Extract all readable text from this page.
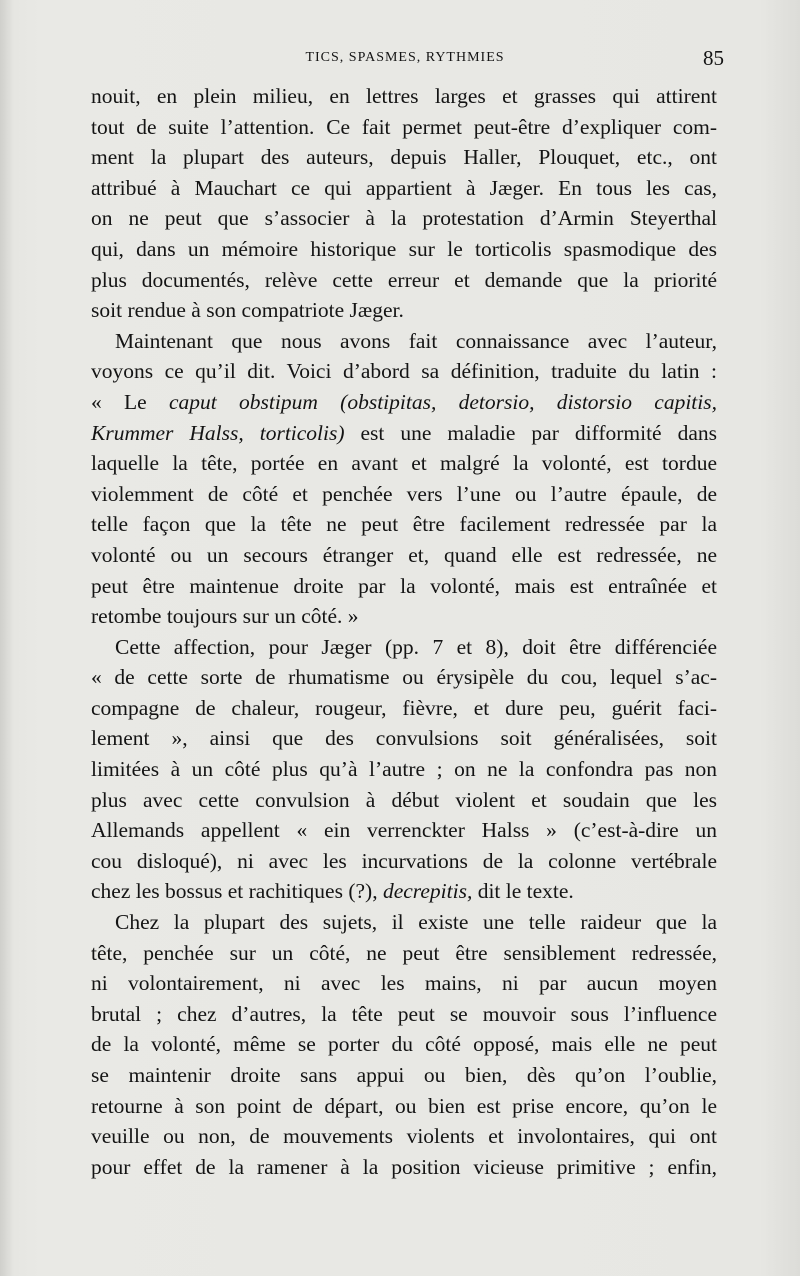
TICS, SPASMES, RYTHMIES	85
nouit, en plein milieu, en lettres larges et grasses qui attirent
tout de suite l’attention. Ce fait permet peut-être d’expliquer com-
ment la plupart des auteurs, depuis Haller, Plouquet, etc., ont
attribué à Mauchart ce qui appartient à Jæger. En tous les cas,
on ne peut que s’associer à la protestation d’Armin Steyerthal
qui, dans un mémoire historique sur le torticolis spasmodique des
plus documentés, relève cette erreur et demande que la priorité
soit rendue à son compatriote Jæger.
Maintenant que nous avons fait connaissance avec l’auteur,
voyons ce qu’il dit. Voici d’abord sa définition, traduite du latin :
« Le caput obstipum (obstipitas, detorsio, distorsio capitis,
Krummer Halss, torticolis) est une maladie par difformité dans
laquelle la tête, portée en avant et malgré la volonté, est tordue
violemment de côté et penchée vers l’une ou l’autre épaule, de
telle façon que la tête ne peut être facilement redressée par la
volonté ou un secours étranger et, quand elle est redressée, ne
peut être maintenue droite par la volonté, mais est entraînée et
retombe toujours sur un côté. »
Cette affection, pour Jæger (pp. 7 et 8), doit être différenciée
« de cette sorte de rhumatisme ou érysipèle du cou, lequel s’ac-
compagne de chaleur, rougeur, fièvre, et dure peu, guérit faci-
lement », ainsi que des convulsions soit généralisées, soit
limitées à un côté plus qu’à l’autre ; on ne la confondra pas non
plus avec cette convulsion à début violent et soudain que les
Allemands appellent « ein verrenckter Halss » (c’est-à-dire un
cou disloqué), ni avec les incurvations de la colonne vertébrale
chez les bossus et rachitiques (?), decrepitis, dit le texte.
Chez la plupart des sujets, il existe une telle raideur que la
tête, penchée sur un côté, ne peut être sensiblement redressée,
ni volontairement, ni avec les mains, ni par aucun moyen
brutal ; chez d’autres, la tête peut se mouvoir sous l’influence
de la volonté, même se porter du côté opposé, mais elle ne peut
se maintenir droite sans appui ou bien, dès qu’on l’oublie,
retourne à son point de départ, ou bien est prise encore, qu’on le
veuille ou non, de mouvements violents et involontaires, qui ont
pour effet de la ramener à la position vicieuse primitive ; enfin,
